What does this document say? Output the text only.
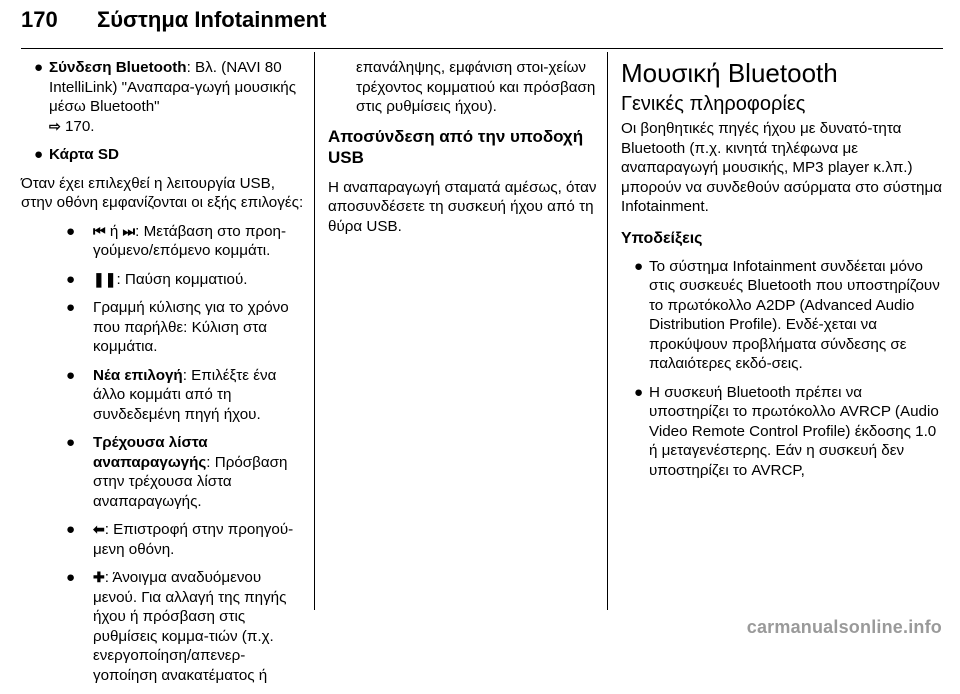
170 Σύστημα Infotainment
● Σύνδεση Bluetooth: Βλ. (NAVI 80 IntelliLink) "Αναπαρα-γωγή μουσικής μέσω Bluetooth"
⇨ 170.
● Κάρτα SD

Όταν έχει επιλεχθεί η λειτουργία USB, στην οθόνη εμφανίζονται οι εξής επιλογές:

● ⏮ ή ⏭: Μετάβαση στο προη-γούμενο/επόμενο κομμάτι.
● ❚❚: Παύση κομματιού.
● Γραμμή κύλισης για το χρόνο που παρήλθε: Κύλιση στα κομμάτια.
● Νέα επιλογή: Επιλέξτε ένα άλλο κομμάτι από τη συνδεδεμένη πηγή ήχου.
● Τρέχουσα λίστα αναπαραγωγής: Πρόσβαση στην τρέχουσα λίστα αναπαραγωγής.
● ⬅: Επιστροφή στην προηγού-μενη οθόνη.
● ✚: Άνοιγμα αναδυόμενου μενού. Για αλλαγή της πηγής ήχου ή πρόσβαση στις ρυθμίσεις κομμα-τιών (π.χ. ενεργοποίηση/απενερ-γοποίηση ανακατέματος ή

επανάληψης, εμφάνιση στοι-χείων τρέχοντος κομματιού και πρόσβαση στις ρυθμίσεις ήχου).

Αποσύνδεση από την υποδοχή USB

Η αναπαραγωγή σταματά αμέσως, όταν αποσυνδέσετε τη συσκευή ήχου από τη θύρα USB.

Μουσική Bluetooth

Γενικές πληροφορίες

Οι βοηθητικές πηγές ήχου με δυνατό-τητα Bluetooth (π.χ. κινητά τηλέφωνα με αναπαραγωγή μουσικής, MP3 player κ.λπ.) μπορούν να συνδεθούν ασύρματα στο σύστημα Infotainment.

Υποδείξεις

● Το σύστημα Infotainment συνδέεται μόνο στις συσκευές Bluetooth που υποστηρίζουν το πρωτόκολλο A2DP (Advanced Audio Distribution Profile). Ενδέ-χεται να προκύψουν προβλήματα σύνδεσης σε παλαιότερες εκδό-σεις.
● Η συσκευή Bluetooth πρέπει να υποστηρίζει το πρωτόκολλο AVRCP (Audio Video Remote Control Profile) έκδοσης 1.0 ή μεταγενέστερης. Εάν η συσκευή δεν υποστηρίζει το AVRCP,
carmanualsonline.info
